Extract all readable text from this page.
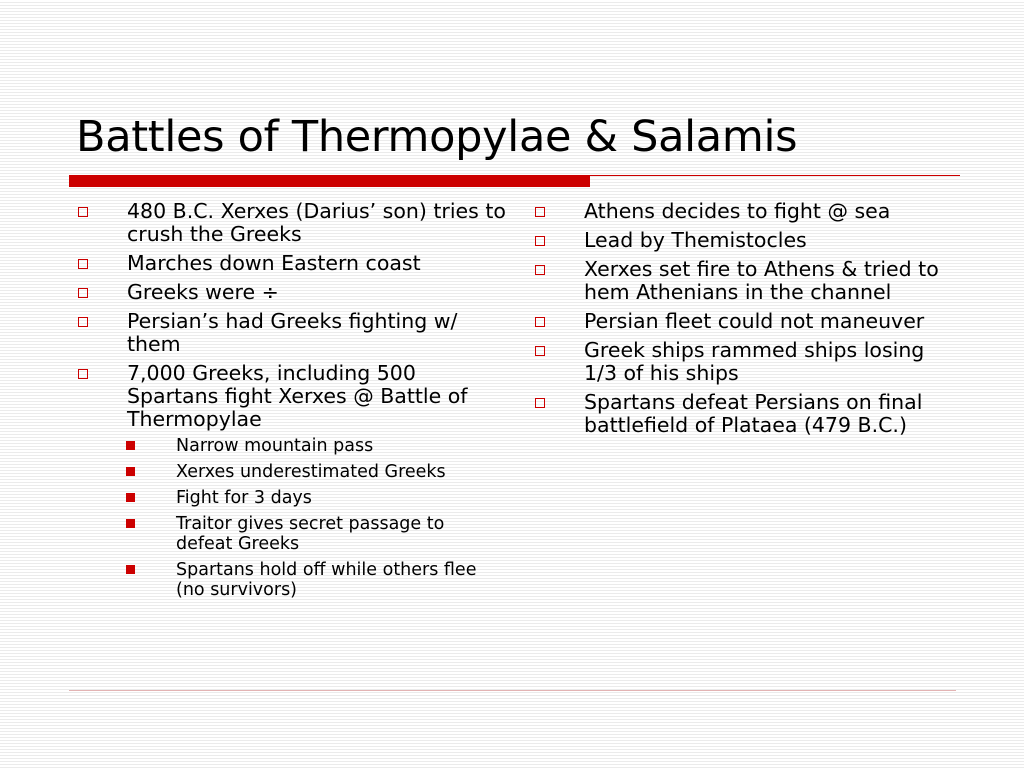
Battles of Thermopylae & Salamis
480 B.C. Xerxes (Darius’ son) tries to crush the Greeks
Marches down Eastern coast
Greeks were ÷
Persian’s had Greeks fighting w/ them
7,000 Greeks, including 500 Spartans fight Xerxes @ Battle of Thermopylae
Narrow mountain pass
Xerxes underestimated Greeks
Fight for 3 days
Traitor gives secret passage to defeat Greeks
Spartans hold off while others flee (no survivors)
Athens decides to fight @ sea
Lead by Themistocles
Xerxes set fire to Athens & tried to hem Athenians in the channel
Persian fleet could not maneuver
Greek ships rammed ships losing 1/3 of his ships
Spartans defeat Persians on final battlefield of Plataea (479 B.C.)
